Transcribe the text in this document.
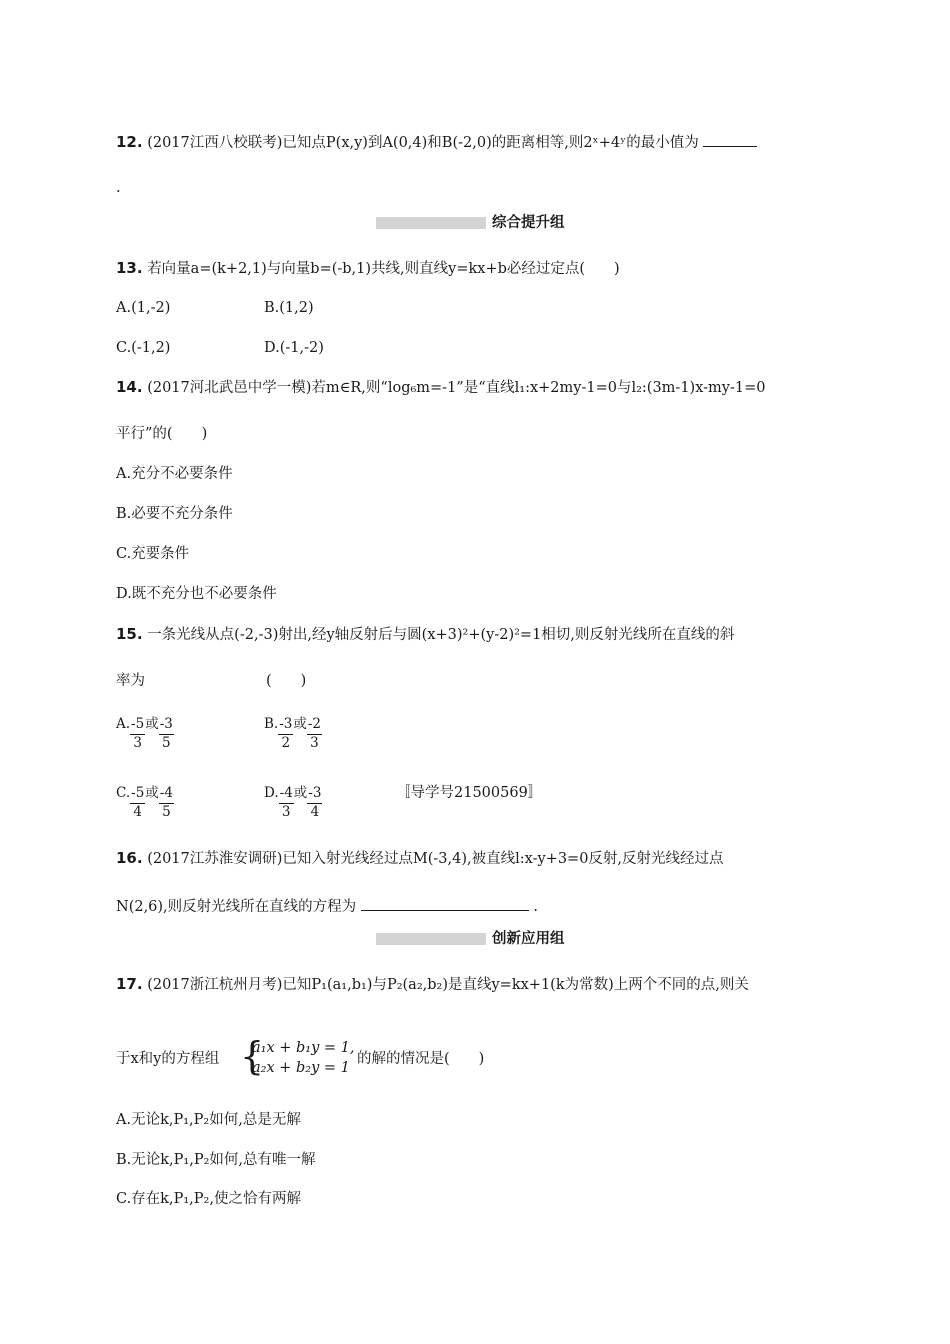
12. (2017江西八校联考)已知点P(x,y)到A(0,4)和B(-2,0)的距离相等,则2ˣ+4ʸ的最小值为
.
综合提升组
13. 若向量a=(k+2,1)与向量b=(-b,1)共线,则直线y=kx+b必经过定点(　　)
A.(1,-2)	B.(1,2)
C.(-1,2)	D.(-1,-2)
14. (2017河北武邑中学一模)若m∈R,则“log₆m=-1”是“直线l₁:x+2my-1=0与l₂:(3m-1)x-my-1=0
平行”的(　　)
A.充分不必要条件
B.必要不充分条件
C.充要条件
D.既不充分也不必要条件
15. 一条光线从点(-2,-3)射出,经y轴反射后与圆(x+3)²+(y-2)²=1相切,则反射光线所在直线的斜
率为	(　　)
A. $\frac{-5}{3}$ 或 $\frac{-3}{5}$	B. $\frac{-3}{2}$ 或 $\frac{-2}{3}$
C. $\frac{-5}{4}$ 或 $\frac{-4}{5}$	D. $\frac{-4}{3}$ 或 $\frac{-3}{4}$	〚导学号21500569〛
16. (2017江苏淮安调研)已知入射光线经过点M(-3,4),被直线l:x-y+3=0反射,反射光线经过点
N(2,6),则反射光线所在直线的方程为	.
创新应用组
17. (2017浙江杭州月考)已知P₁(a₁,b₁)与P₂(a₂,b₂)是直线y=kx+1(k为常数)上两个不同的点,则关
于x和y的方程组 {
a₁x + b₁y = 1,
a₂x + b₂y = 1
的解的情况是(　　)
A.无论k,P₁,P₂如何,总是无解
B.无论k,P₁,P₂如何,总有唯一解
C.存在k,P₁,P₂,使之恰有两解
